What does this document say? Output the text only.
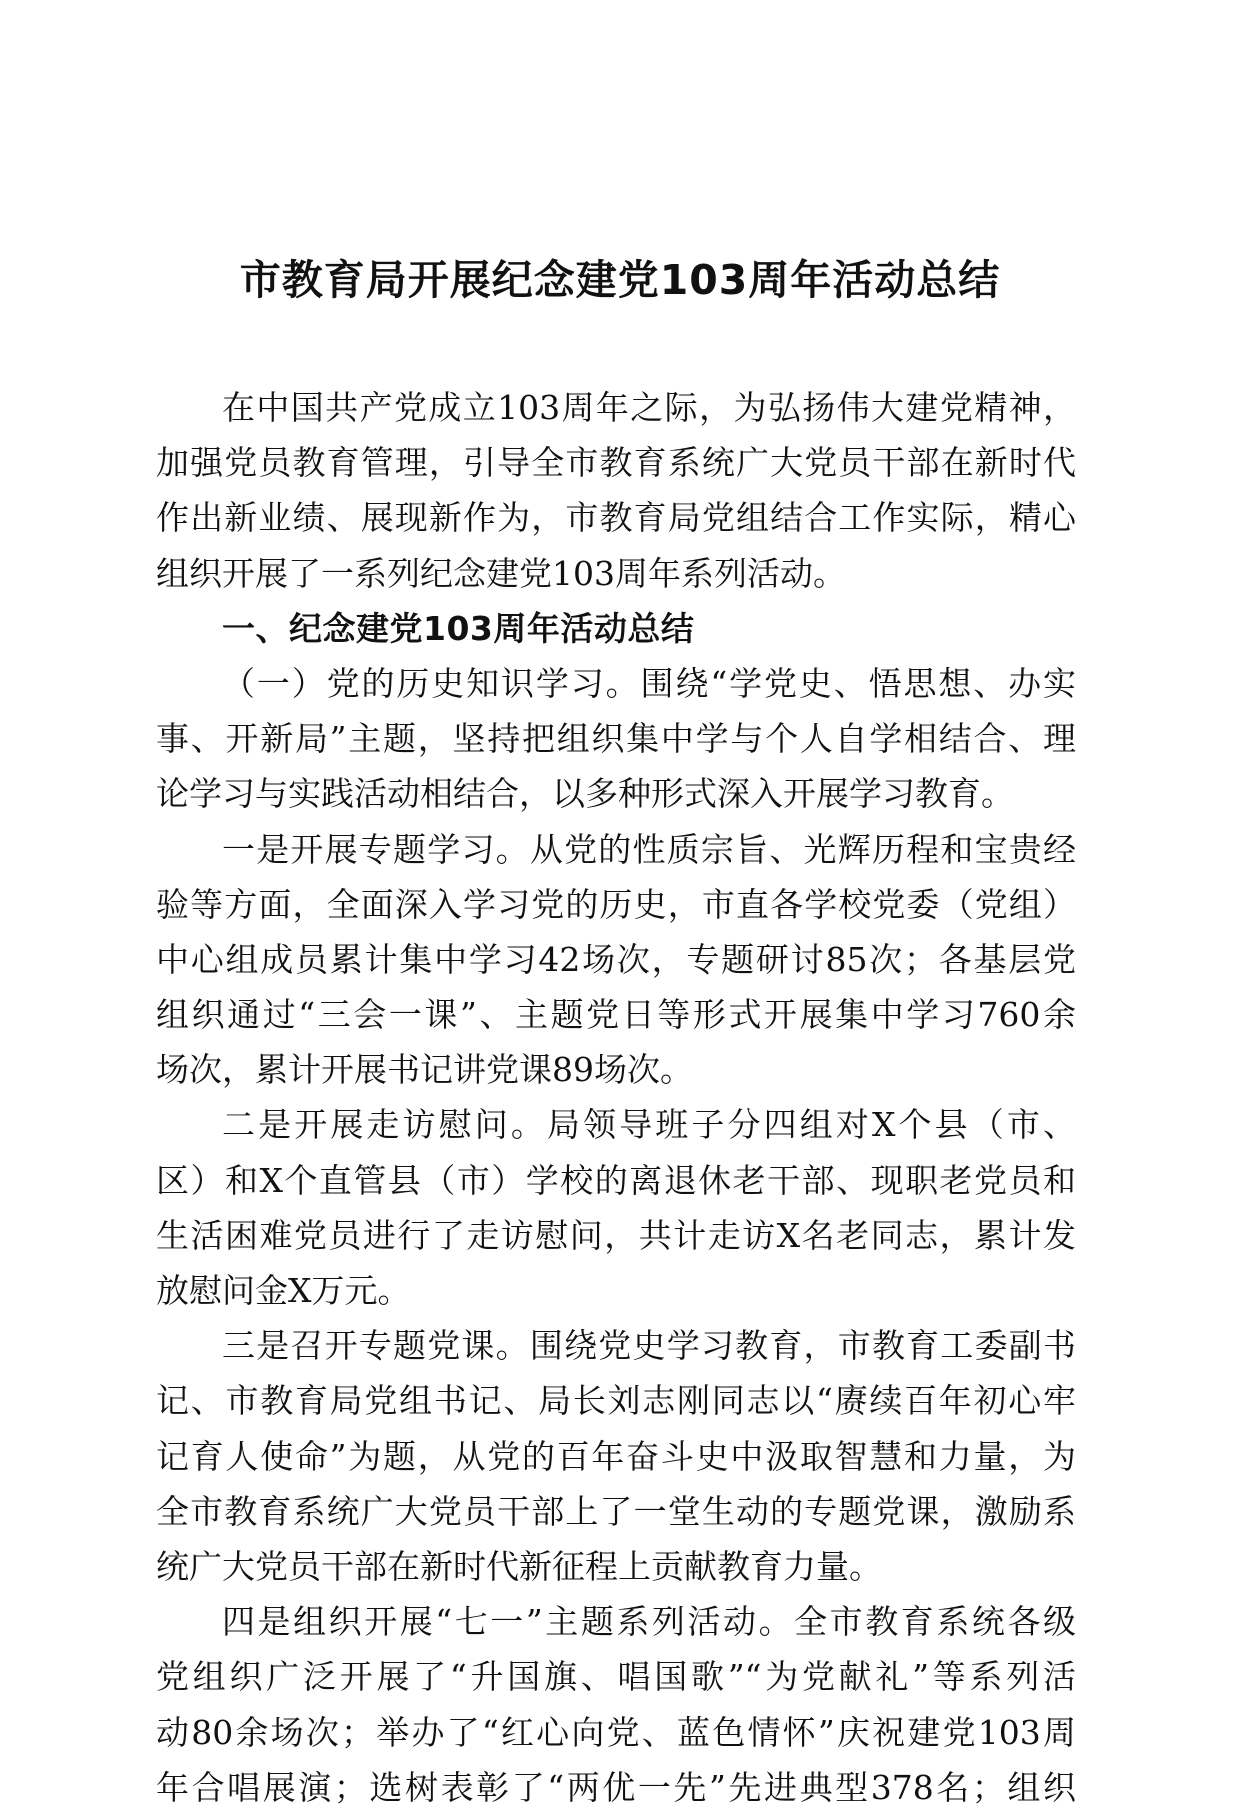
市教育局开展纪念建党103周年活动总结
在中国共产党成立103周年之际，为弘扬伟大建党精神，
加强党员教育管理，引导全市教育系统广大党员干部在新时代
作出新业绩、展现新作为，市教育局党组结合工作实际，精心
组织开展了一系列纪念建党103周年系列活动。
一、纪念建党103周年活动总结
（一）党的历史知识学习。围绕“学党史、悟思想、办实
事、开新局”主题，坚持把组织集中学与个人自学相结合、理
论学习与实践活动相结合，以多种形式深入开展学习教育。
一是开展专题学习。从党的性质宗旨、光辉历程和宝贵经
验等方面，全面深入学习党的历史，市直各学校党委（党组）
中心组成员累计集中学习42场次，专题研讨85次；各基层党
组织通过“三会一课”、主题党日等形式开展集中学习760余
场次，累计开展书记讲党课89场次。
二是开展走访慰问。局领导班子分四组对X个县（市、
区）和X个直管县（市）学校的离退休老干部、现职老党员和
生活困难党员进行了走访慰问，共计走访X名老同志，累计发
放慰问金X万元。
三是召开专题党课。围绕党史学习教育，市教育工委副书
记、市教育局党组书记、局长刘志刚同志以“赓续百年初心牢
记育人使命”为题，从党的百年奋斗史中汲取智慧和力量，为
全市教育系统广大党员干部上了一堂生动的专题党课，激励系
统广大党员干部在新时代新征程上贡献教育力量。
四是组织开展“七一”主题系列活动。全市教育系统各级
党组织广泛开展了“升国旗、唱国歌”“为党献礼”等系列活
动80余场次；举办了“红心向党、蓝色情怀”庆祝建党103周
年合唱展演；选树表彰了“两优一先”先进典型378名；组织
